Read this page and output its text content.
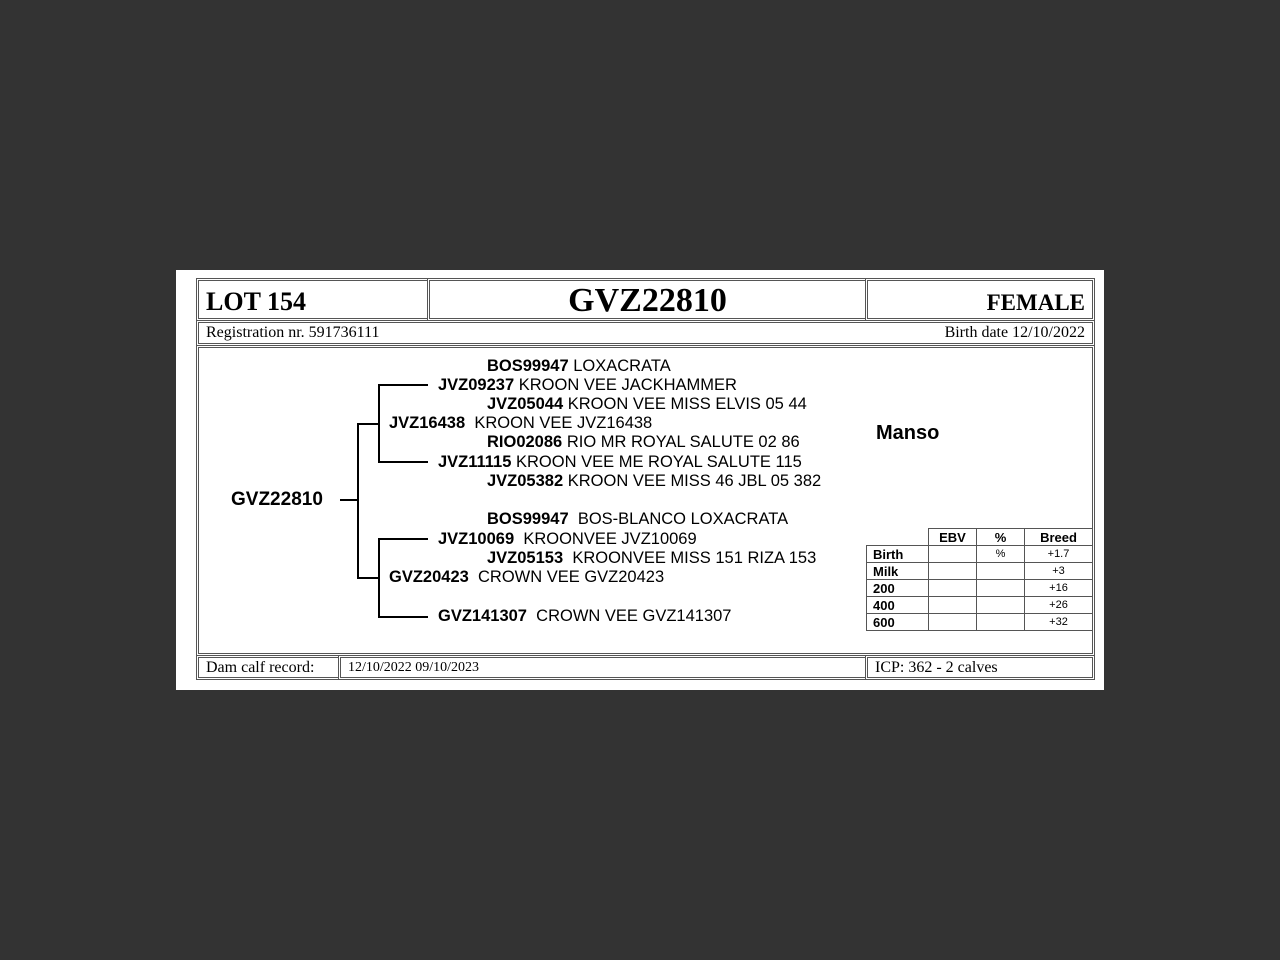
LOT 154	GVZ22810	FEMALE
Registration nr. 591736111	Birth date 12/10/2022
GVZ22810
BOS99947 LOXACRATA
JVZ09237 KROON VEE JACKHAMMER
JVZ05044 KROON VEE MISS ELVIS 05 44
JVZ16438 KROON VEE JVZ16438
RIO02086 RIO MR ROYAL SALUTE 02 86
JVZ11115 KROON VEE ME ROYAL SALUTE 115
JVZ05382 KROON VEE MISS 46 JBL 05 382
BOS99947 BOS-BLANCO LOXACRATA
JVZ10069 KROONVEE JVZ10069
JVZ05153 KROONVEE MISS 151 RIZA 153
GVZ20423 CROWN VEE GVZ20423
GVZ141307 CROWN VEE GVZ141307
Manso
	EBV	%	Breed
Birth		%	+1.7
Milk			+3
200			+16
400			+26
600			+32
Dam calf record: 12/10/2022 09/10/2023	ICP: 362 - 2 calves
